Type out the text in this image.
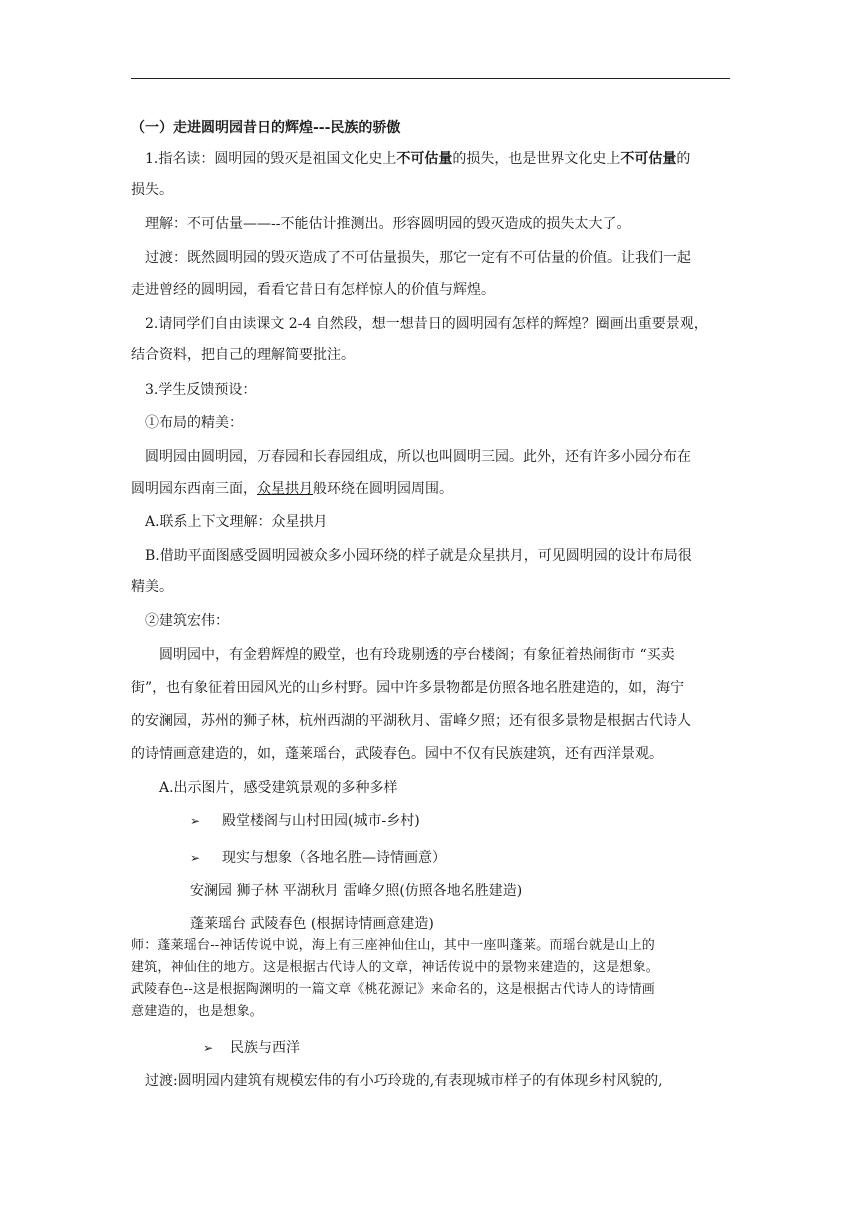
（一）走进圆明园昔日的辉煌---民族的骄傲
1.指名读：圆明园的毁灭是祖国文化史上不可估量的损失，也是世界文化史上不可估量的
损失。
理解：不可估量——--不能估计推测出。形容圆明园的毁灭造成的损失太大了。
过渡：既然圆明园的毁灭造成了不可估量损失，那它一定有不可估量的价值。让我们一起
走进曾经的圆明园，看看它昔日有怎样惊人的价值与辉煌。
2.请同学们自由读课文 2-4 自然段，想一想昔日的圆明园有怎样的辉煌？圈画出重要景观，
结合资料，把自己的理解简要批注。
3.学生反馈预设：
①布局的精美：
圆明园由圆明园，万春园和长春园组成，所以也叫圆明三园。此外，还有许多小园分布在
圆明园东西南三面，众星拱月般环绕在圆明园周围。
A.联系上下文理解：众星拱月
B.借助平面图感受圆明园被众多小园环绕的样子就是众星拱月，可见圆明园的设计布局很
精美。
②建筑宏伟：
圆明园中，有金碧辉煌的殿堂，也有玲珑剔透的亭台楼阁；有象征着热闹街市 “买卖
街”，也有象征着田园风光的山乡村野。园中许多景物都是仿照各地名胜建造的，如，海宁
的安澜园，苏州的狮子林，杭州西湖的平湖秋月、雷峰夕照；还有很多景物是根据古代诗人
的诗情画意建造的，如，蓬莱瑶台，武陵春色。园中不仅有民族建筑，还有西洋景观。
A.出示图片，感受建筑景观的多种多样
➢ 殿堂楼阁与山村田园(城市-乡村)
➢ 现实与想象（各地名胜—诗情画意）
安澜园 狮子林 平湖秋月 雷峰夕照(仿照各地名胜建造)
蓬莱瑶台 武陵春色 (根据诗情画意建造)
师：蓬莱瑶台--神话传说中说，海上有三座神仙住山，其中一座叫蓬莱。而瑶台就是山上的
建筑，神仙住的地方。这是根据古代诗人的文章，神话传说中的景物来建造的，这是想象。
武陵春色--这是根据陶渊明的一篇文章《桃花源记》来命名的，这是根据古代诗人的诗情画
意建造的，也是想象。
➢ 民族与西洋
过渡:圆明园内建筑有规模宏伟的有小巧玲珑的,有表现城市样子的有体现乡村风貌的,
